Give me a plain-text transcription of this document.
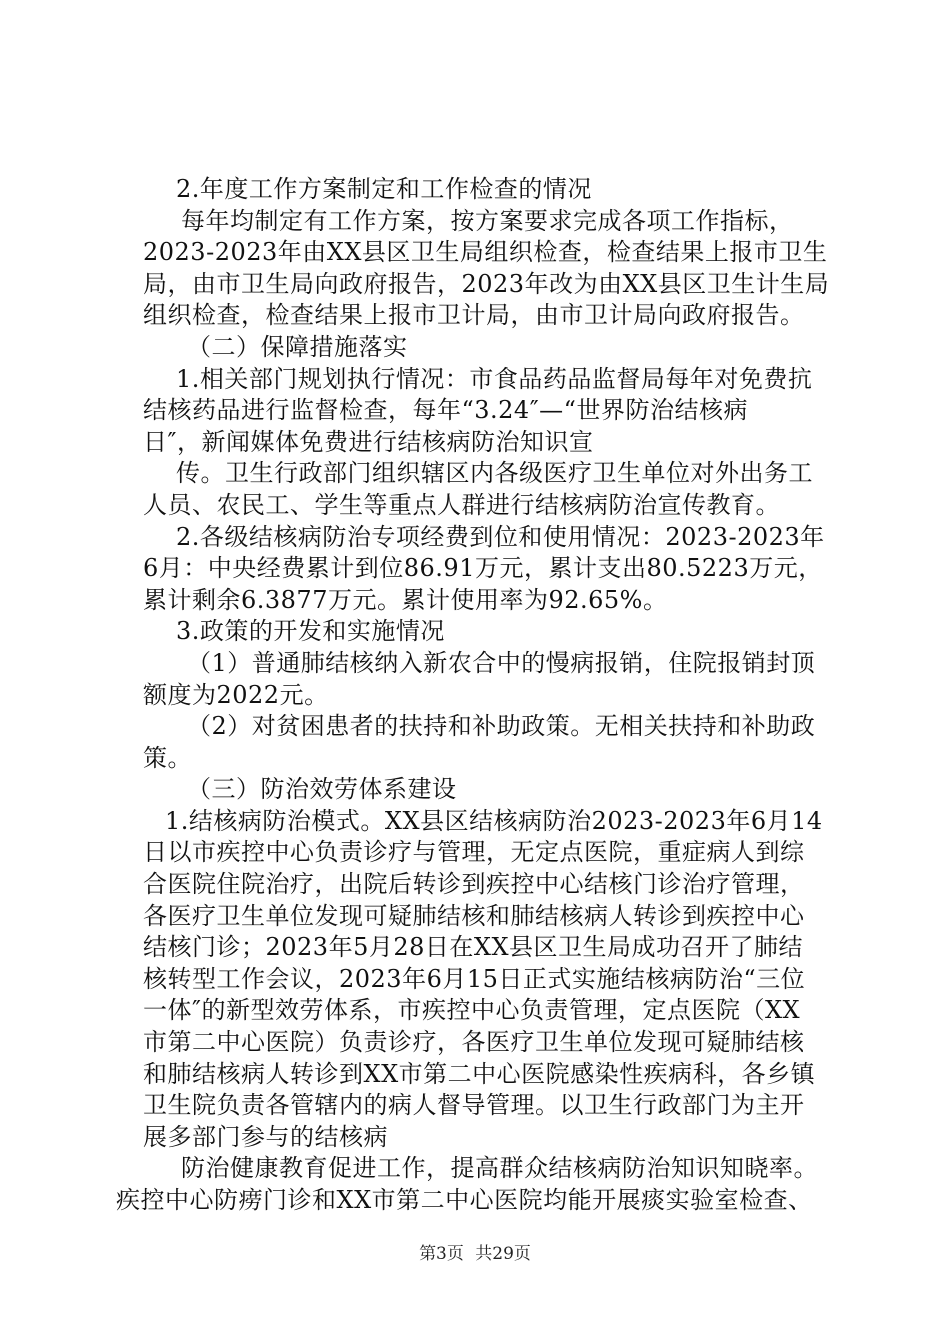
2.年度工作方案制定和工作检查的情况
每年均制定有工作方案，按方案要求完成各项工作指标，
2023-2023年由XX县区卫生局组织检查，检查结果上报市卫生
局，由市卫生局向政府报告，2023年改为由XX县区卫生计生局
组织检查，检查结果上报市卫计局，由市卫计局向政府报告。
（二）保障措施落实
1.相关部门规划执行情况：市食品药品监督局每年对免费抗
结核药品进行监督检查，每年“3.24″—“世界防治结核病
日″，新闻媒体免费进行结核病防治知识宣
传。卫生行政部门组织辖区内各级医疗卫生单位对外出务工
人员、农民工、学生等重点人群进行结核病防治宣传教育。
2.各级结核病防治专项经费到位和使用情况：2023-2023年
6月：中央经费累计到位86.91万元，累计支出80.5223万元，
累计剩余6.3877万元。累计使用率为92.65%。
3.政策的开发和实施情况
（1）普通肺结核纳入新农合中的慢病报销，住院报销封顶
额度为2022元。
（2）对贫困患者的扶持和补助政策。无相关扶持和补助政
策。
（三）防治效劳体系建设
1.结核病防治模式。XX县区结核病防治2023-2023年6月14
日以市疾控中心负责诊疗与管理，无定点医院，重症病人到综
合医院住院治疗，出院后转诊到疾控中心结核门诊治疗管理，
各医疗卫生单位发现可疑肺结核和肺结核病人转诊到疾控中心
结核门诊；2023年5月28日在XX县区卫生局成功召开了肺结
核转型工作会议，2023年6月15日正式实施结核病防治“三位
一体″的新型效劳体系，市疾控中心负责管理，定点医院（XX
市第二中心医院）负责诊疗，各医疗卫生单位发现可疑肺结核
和肺结核病人转诊到XX市第二中心医院感染性疾病科，各乡镇
卫生院负责各管辖内的病人督导管理。以卫生行政部门为主开
展多部门参与的结核病
防治健康教育促进工作，提高群众结核病防治知识知晓率。
疾控中心防痨门诊和XX市第二中心医院均能开展痰实验室检查、
第3页 共29页
